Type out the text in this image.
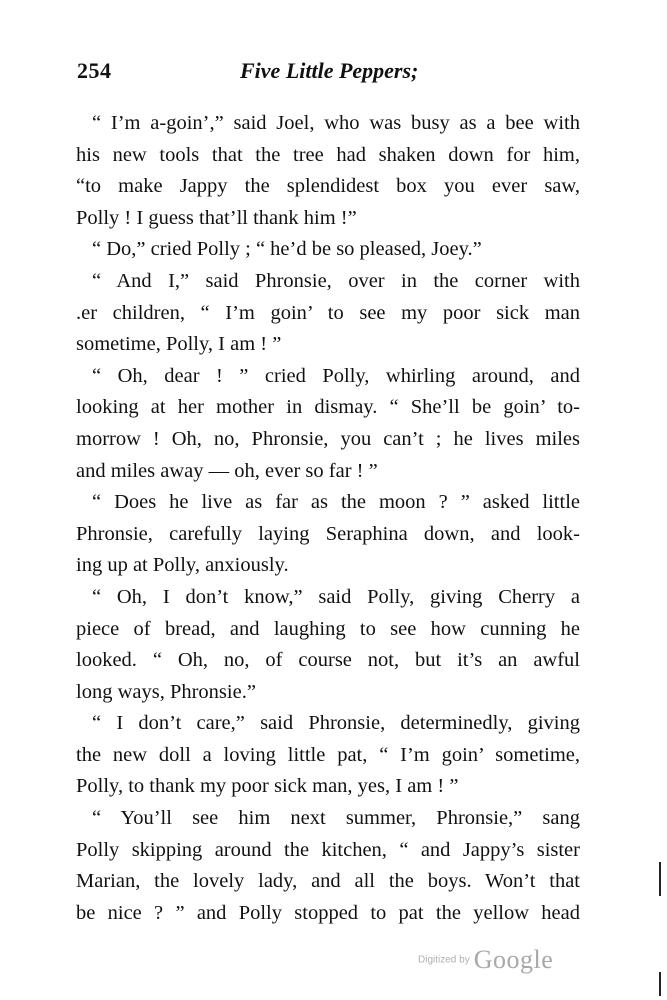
254	Five Little Peppers;
“ I’m a-goin’,” said Joel, who was busy as a bee with
his new tools that the tree had shaken down for him,
“to make Jappy the splendidest box you ever saw,
Polly ! I guess that’ll thank him !”
“ Do,” cried Polly ; “ he’d be so pleased, Joey.”
“ And I,” said Phronsie, over in the corner with
.er children, “ I’m goin’ to see my poor sick man
sometime, Polly, I am ! ”
“ Oh, dear ! ” cried Polly, whirling around, and
looking at her mother in dismay. “ She’ll be goin’ to-
morrow ! Oh, no, Phronsie, you can’t ; he lives miles
and miles away — oh, ever so far ! ”
“ Does he live as far as the moon ? ” asked little
Phronsie, carefully laying Seraphina down, and look-
ing up at Polly, anxiously.
“ Oh, I don’t know,” said Polly, giving Cherry a
piece of bread, and laughing to see how cunning he
looked. “ Oh, no, of course not, but it’s an awful
long ways, Phronsie.”
“ I don’t care,” said Phronsie, determinedly, giving
the new doll a loving little pat, “ I’m goin’ sometime,
Polly, to thank my poor sick man, yes, I am ! ”
“ You’ll see him next summer, Phronsie,” sang
Polly skipping around the kitchen, “ and Jappy’s sister
Marian, the lovely lady, and all the boys. Won’t that
be nice ? ” and Polly stopped to pat the yellow head
Digitized by Google
